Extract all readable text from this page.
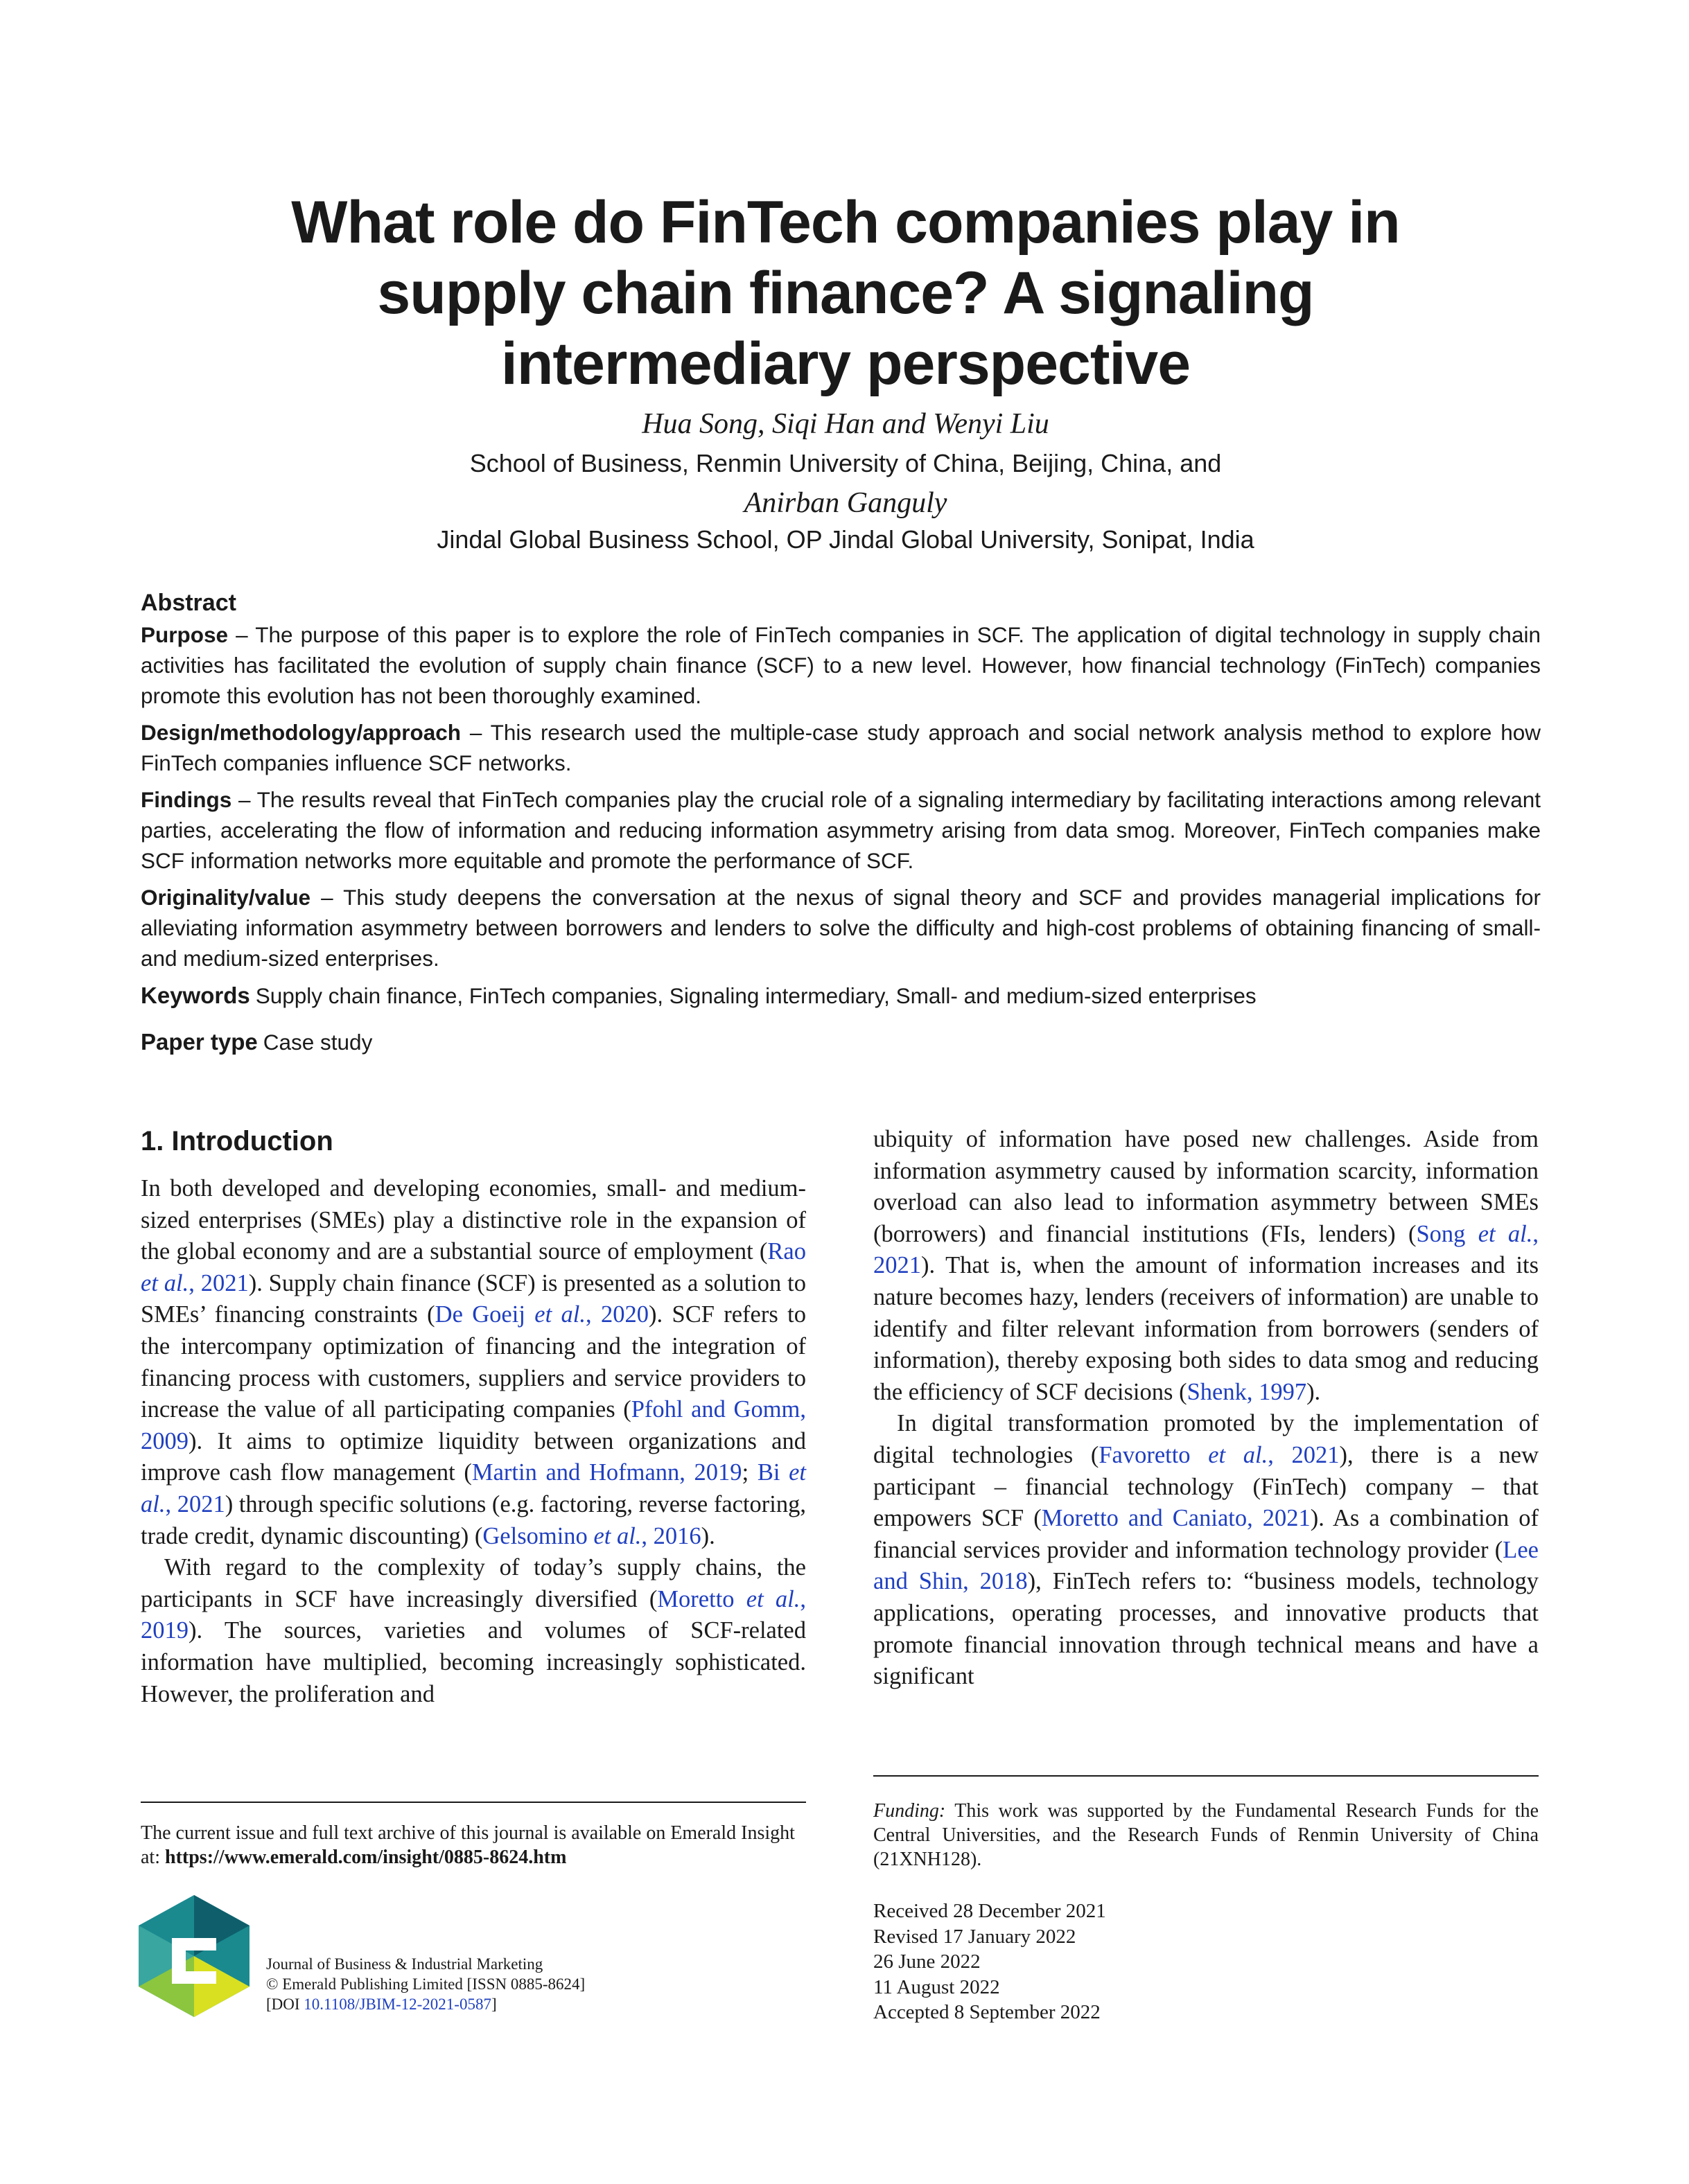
What role do FinTech companies play in
supply chain finance? A signaling
intermediary perspective
Hua Song, Siqi Han and Wenyi Liu
School of Business, Renmin University of China, Beijing, China, and
Anirban Ganguly
Jindal Global Business School, OP Jindal Global University, Sonipat, India
Abstract

Purpose – The purpose of this paper is to explore the role of FinTech companies in SCF. The application of digital technology in supply chain activities has facilitated the evolution of supply chain finance (SCF) to a new level. However, how financial technology (FinTech) companies promote this evolution has not been thoroughly examined.

Design/methodology/approach – This research used the multiple-case study approach and social network analysis method to explore how FinTech companies influence SCF networks.

Findings – The results reveal that FinTech companies play the crucial role of a signaling intermediary by facilitating interactions among relevant parties, accelerating the flow of information and reducing information asymmetry arising from data smog. Moreover, FinTech companies make SCF information networks more equitable and promote the performance of SCF.

Originality/value – This study deepens the conversation at the nexus of signal theory and SCF and provides managerial implications for alleviating information asymmetry between borrowers and lenders to solve the difficulty and high-cost problems of obtaining financing of small- and medium-sized enterprises.

Keywords Supply chain finance, FinTech companies, Signaling intermediary, Small- and medium-sized enterprises
Paper type Case study
1. Introduction

In both developed and developing economies, small- and medium-sized enterprises (SMEs) play a distinctive role in the expansion of the global economy and are a substantial source of employment (Rao et al., 2021). Supply chain finance (SCF) is presented as a solution to SMEs’ financing constraints (De Goeij et al., 2020). SCF refers to the intercompany optimization of financing and the integration of financing process with customers, suppliers and service providers to increase the value of all participating companies (Pfohl and Gomm, 2009). It aims to optimize liquidity between organizations and improve cash flow management (Martin and Hofmann, 2019; Bi et al., 2021) through specific solutions (e.g. factoring, reverse factoring, trade credit, dynamic discounting) (Gelsomino et al., 2016).

With regard to the complexity of today’s supply chains, the participants in SCF have increasingly diversified (Moretto et al., 2019). The sources, varieties and volumes of SCF-related information have multiplied, becoming increasingly sophisticated. However, the proliferation and

ubiquity of information have posed new challenges. Aside from information asymmetry caused by information scarcity, information overload can also lead to information asymmetry between SMEs (borrowers) and financial institutions (FIs, lenders) (Song et al., 2021). That is, when the amount of information increases and its nature becomes hazy, lenders (receivers of information) are unable to identify and filter relevant information from borrowers (senders of information), thereby exposing both sides to data smog and reducing the efficiency of SCF decisions (Shenk, 1997).

In digital transformation promoted by the implementation of digital technologies (Favoretto et al., 2021), there is a new participant – financial technology (FinTech) company – that empowers SCF (Moretto and Caniato, 2021). As a combination of financial services provider and information technology provider (Lee and Shin, 2018), FinTech refers to: “business models, technology applications, operating processes, and innovative products that promote financial innovation through technical means and have a significant

The current issue and full text archive of this journal is available on Emerald Insight at: https://www.emerald.com/insight/0885-8624.htm
Journal of Business & Industrial Marketing
© Emerald Publishing Limited [ISSN 0885-8624]
[DOI 10.1108/JBIM-12-2021-0587]
Funding: This work was supported by the Fundamental Research Funds for the Central Universities, and the Research Funds of Renmin University of China (21XNH128).
Received 28 December 2021
Revised 17 January 2022
26 June 2022
11 August 2022
Accepted 8 September 2022
